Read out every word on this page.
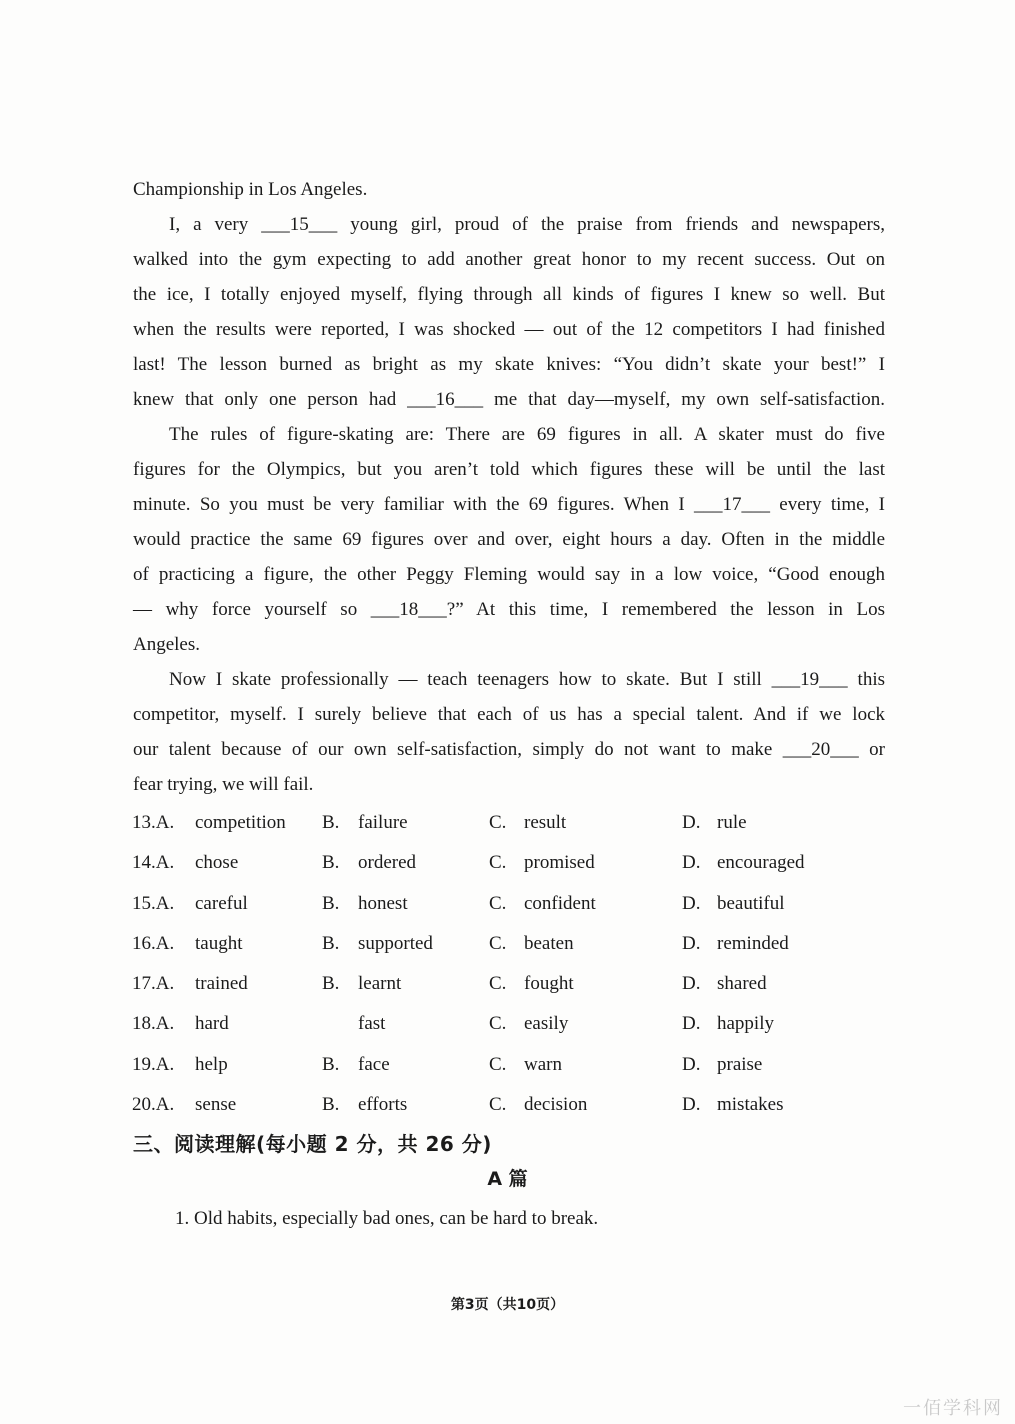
Championship in Los Angeles.
I, a very ___15___ young girl, proud of the praise from friends and newspapers,
walked into the gym expecting to add another great honor to my recent success. Out on
the ice, I totally enjoyed myself, flying through all kinds of figures I knew so well. But
when the results were reported, I was shocked — out of the 12 competitors I had finished
last! The lesson burned as bright as my skate knives: “You didn’t skate your best!” I
knew that only one person had ___16___ me that day—myself, my own self-satisfaction.
The rules of figure-skating are: There are 69 figures in all. A skater must do five
figures for the Olympics, but you aren’t told which figures these will be until the last
minute. So you must be very familiar with the 69 figures. When I ___17___ every time, I
would practice the same 69 figures over and over, eight hours a day. Often in the middle
of practicing a figure, the other Peggy Fleming would say in a low voice, “Good enough
— why force yourself so ___18___?” At this time, I remembered the lesson in Los
Angeles.
Now I skate professionally — teach teenagers how to skate. But I still ___19___ this
competitor, myself. I surely believe that each of us has a special talent. And if we lock
our talent because of our own self-satisfaction, simply do not want to make ___20___ or
fear trying, we will fail.
13.A. competition B. failure	C. result	D. rule
14.A. chose	B. ordered	C. promised	D. encouraged
15.A. careful	B. honest	C. confident	D. beautiful
16.A. taught	B. supported	C. beaten	D. reminded
17.A. trained	B. learnt	C. fought	D. shared
18.A. hard	fast	C. easily	D. happily
19.A. help	B. face	C. warn	D. praise
20.A. sense	B. efforts	C. decision	D. mistakes
三、阅读理解(每小题 2 分，共 26 分)
A 篇
1. Old habits, especially bad ones, can be hard to break.
第3页（共10页）
一佰学科网
